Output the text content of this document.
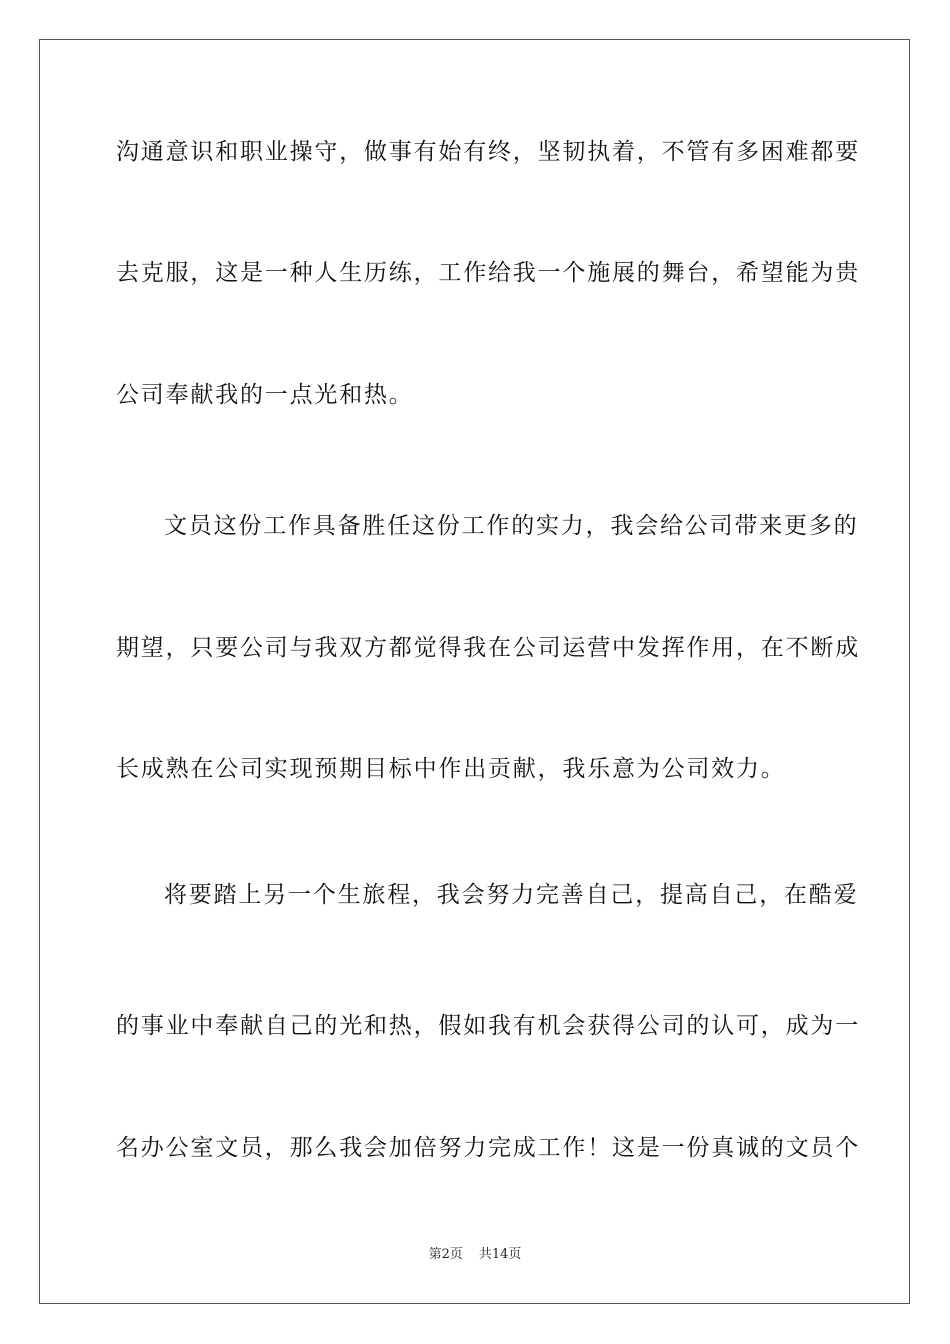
沟通意识和职业操守，做事有始有终，坚韧执着，不管有多困难都要
去克服，这是一种人生历练，工作给我一个施展的舞台，希望能为贵
公司奉献我的一点光和热。
文员这份工作具备胜任这份工作的实力，我会给公司带来更多的
期望，只要公司与我双方都觉得我在公司运营中发挥作用，在不断成
长成熟在公司实现预期目标中作出贡献，我乐意为公司效力。
将要踏上另一个生旅程，我会努力完善自己，提高自己，在酷爱
的事业中奉献自己的光和热，假如我有机会获得公司的认可，成为一
名办公室文员，那么我会加倍努力完成工作！这是一份真诚的文员个
第2页 共14页
